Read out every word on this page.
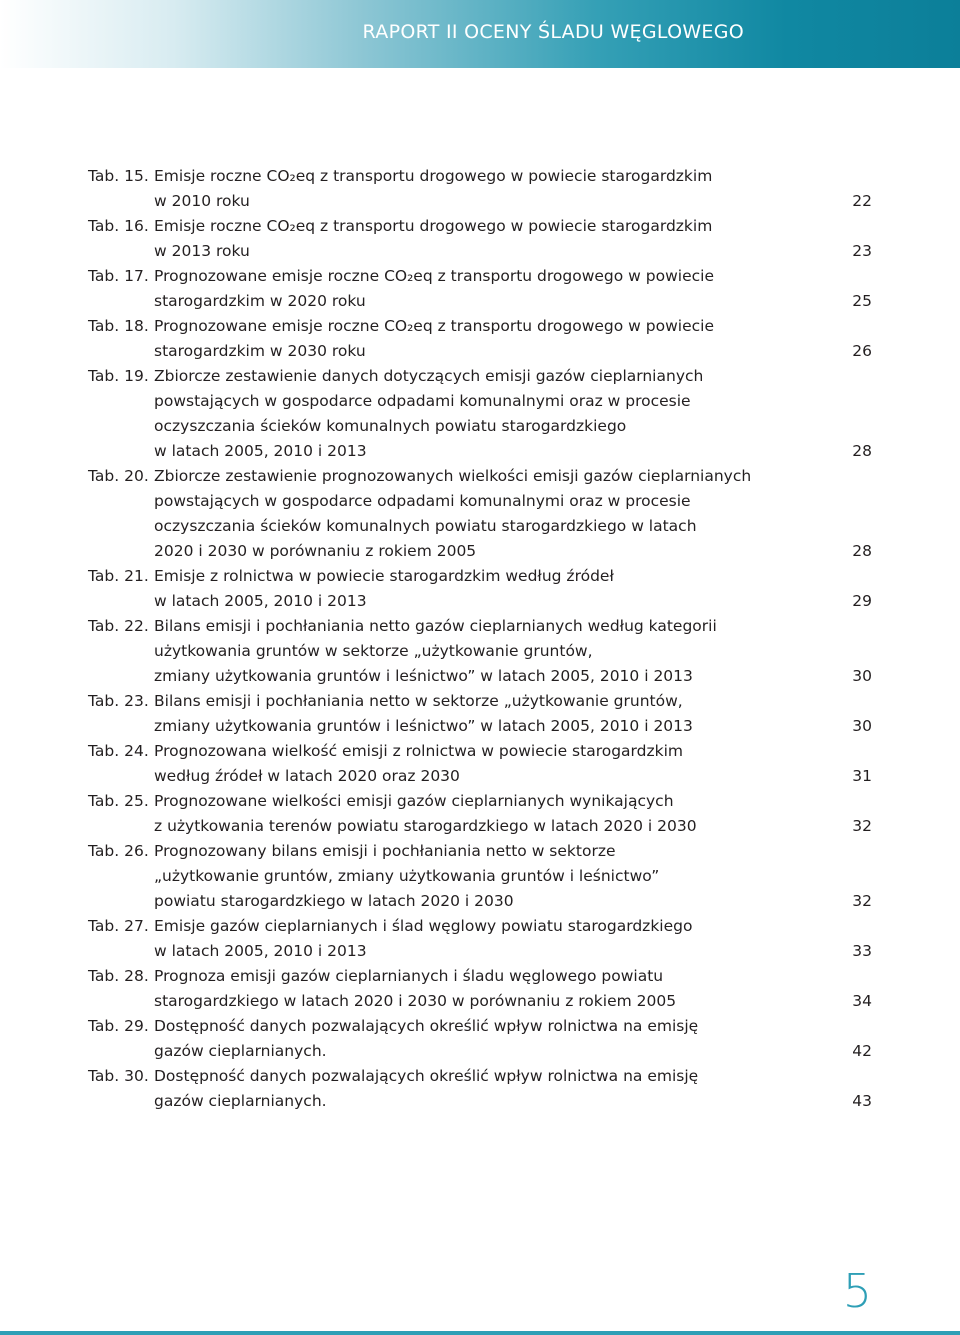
RAPORT II OCENY ŚLADU WĘGLOWEGO
Tab. 15. Emisje roczne CO₂eq z transportu drogowego w powiecie starogardzkim
w 2010 roku	22
Tab. 16. Emisje roczne CO₂eq z transportu drogowego w powiecie starogardzkim
w 2013 roku	23
Tab. 17. Prognozowane emisje roczne CO₂eq z transportu drogowego w powiecie
starogardzkim w 2020 roku	25
Tab. 18. Prognozowane emisje roczne CO₂eq z transportu drogowego w powiecie
starogardzkim w 2030 roku	26
Tab. 19. Zbiorcze zestawienie danych dotyczących emisji gazów cieplarnianych
powstających w gospodarce odpadami komunalnymi oraz w procesie
oczyszczania ścieków komunalnych powiatu starogardzkiego
w latach 2005, 2010 i 2013	28
Tab. 20. Zbiorcze zestawienie prognozowanych wielkości emisji gazów cieplarnianych
powstających w gospodarce odpadami komunalnymi oraz w procesie
oczyszczania ścieków komunalnych powiatu starogardzkiego w latach
2020 i 2030 w porównaniu z rokiem 2005	28
Tab. 21. Emisje z rolnictwa w powiecie starogardzkim według źródeł
w latach 2005, 2010 i 2013	29
Tab. 22. Bilans emisji i pochłaniania netto gazów cieplarnianych według kategorii
użytkowania gruntów w sektorze „użytkowanie gruntów,
zmiany użytkowania gruntów i leśnictwo” w latach 2005, 2010 i 2013	30
Tab. 23. Bilans emisji i pochłaniania netto w sektorze „użytkowanie gruntów,
zmiany użytkowania gruntów i leśnictwo” w latach 2005, 2010 i 2013	30
Tab. 24. Prognozowana wielkość emisji z rolnictwa w powiecie starogardzkim
według źródeł w latach 2020 oraz 2030	31
Tab. 25. Prognozowane wielkości emisji gazów cieplarnianych wynikających
z użytkowania terenów powiatu starogardzkiego w latach 2020 i 2030	32
Tab. 26. Prognozowany bilans emisji i pochłaniania netto w sektorze
„użytkowanie gruntów, zmiany użytkowania gruntów i leśnictwo”
powiatu starogardzkiego w latach 2020 i 2030	32
Tab. 27. Emisje gazów cieplarnianych i ślad węglowy powiatu starogardzkiego
w latach 2005, 2010 i 2013	33
Tab. 28. Prognoza emisji gazów cieplarnianych i śladu węglowego powiatu
starogardzkiego w latach 2020 i 2030 w porównaniu z rokiem 2005	34
Tab. 29. Dostępność danych pozwalających określić wpływ rolnictwa na emisję
gazów cieplarnianych.	42
Tab. 30. Dostępność danych pozwalających określić wpływ rolnictwa na emisję
gazów cieplarnianych.	43
5
